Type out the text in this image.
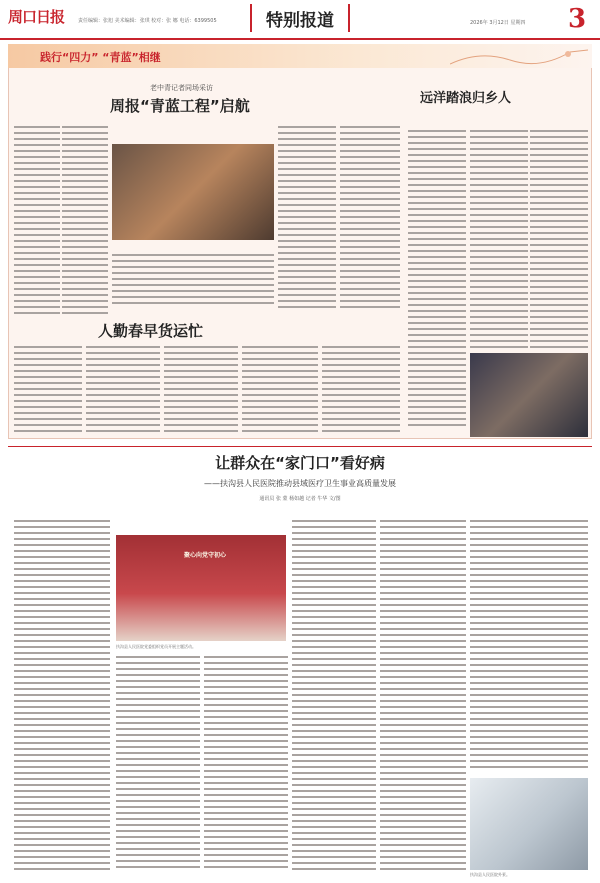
周口日报	责任编辑：张旭 美术编辑：张琪 校对：张 娜 电话：6399505	特别报道	2026年 3月12日 星期四 3
践行“四力” “青蓝”相继
老中青记者同场采访
周报“青蓝工程”启航
人勤春早货运忙
远洋踏浪归乡人
让群众在“家门口”看好病
——扶沟县人民医院推动县域医疗卫生事业高质量发展
通讯员 张 蒙 杨如越 记者 牛华 文/图
聚心向党守初心
扶沟县人民医院党委组织党员开展主题活动。
扶沟县人民医院外景。
